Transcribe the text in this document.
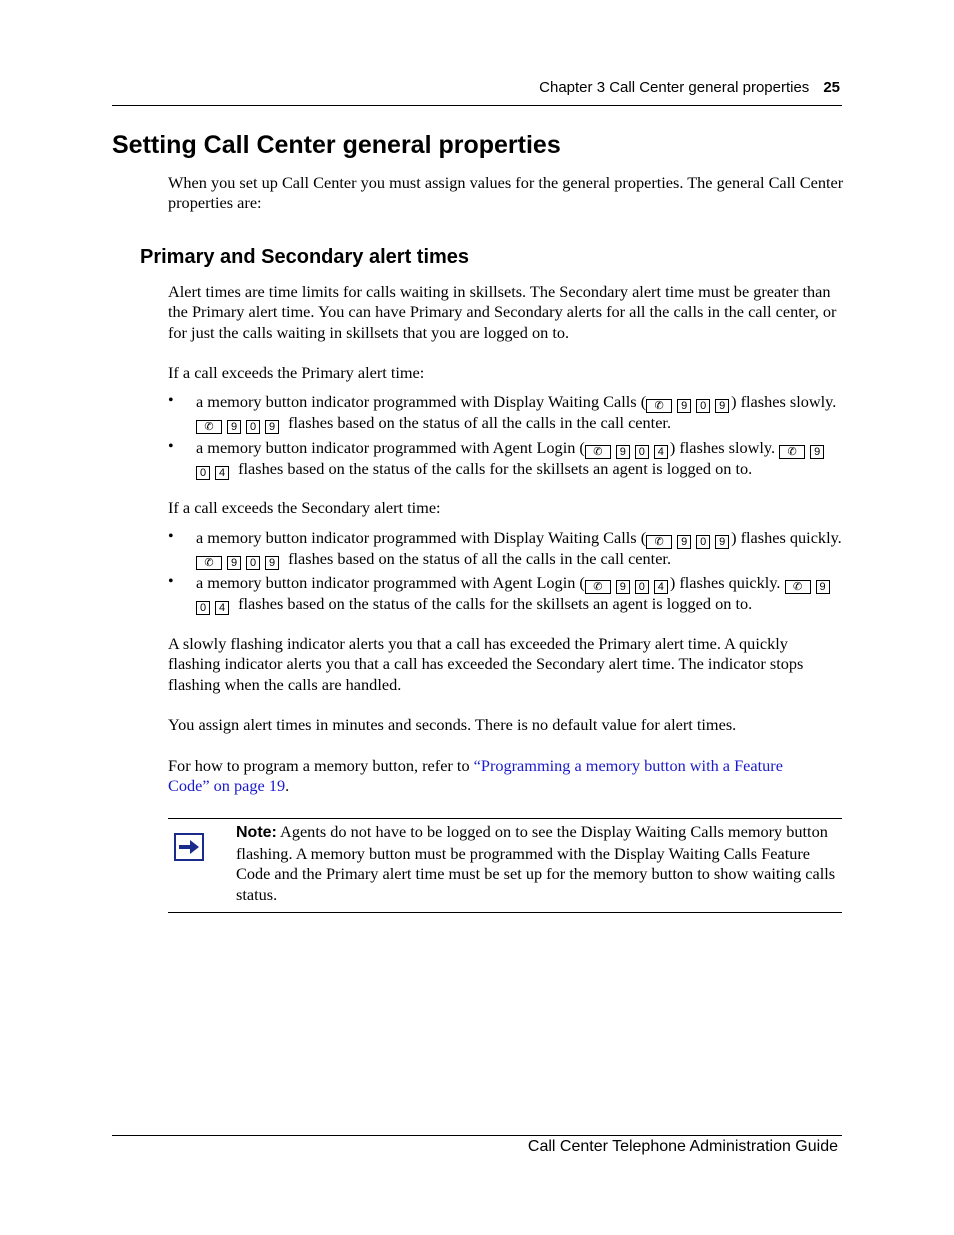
Chapter 3 Call Center general properties 25
Setting Call Center general properties

When you set up Call Center you must assign values for the general properties. The general Call Center properties are:

Primary and Secondary alert times

Alert times are time limits for calls waiting in skillsets. The Secondary alert time must be greater than the Primary alert time. You can have Primary and Secondary alerts for all the calls in the call center, or for just the calls waiting in skillsets that you are logged on to.

If a call exceeds the Primary alert time:

• a memory button indicator programmed with Display Waiting Calls ( ✆ 9 0 9 ) flashes slowly. ✆ 9 0 9 flashes based on the status of all the calls in the call center.
• a memory button indicator programmed with Agent Login ( ✆ 9 0 4 ) flashes slowly. ✆ 90 4 flashes based on the status of the calls for the skillsets an agent is logged on to.

If a call exceeds the Secondary alert time:

• a memory button indicator programmed with Display Waiting Calls ( ✆ 9 0 9 ) flashes quickly. ✆ 9 0 9 flashes based on the status of all the calls in the call center.
• a memory button indicator programmed with Agent Login ( ✆ 9 0 4 ) flashes quickly. ✆ 90 4 flashes based on the status of the calls for the skillsets an agent is logged on to.

A slowly flashing indicator alerts you that a call has exceeded the Primary alert time. A quickly flashing indicator alerts you that a call has exceeded the Secondary alert time. The indicator stops flashing when the calls are handled.

You assign alert times in minutes and seconds. There is no default value for alert times.

For how to program a memory button, refer to “Programming a memory button with a Feature Code” on page 19.

Note: Agents do not have to be logged on to see the Display Waiting Calls memory button flashing. A memory button must be programmed with the Display Waiting Calls Feature Code and the Primary alert time must be set up for the memory button to show waiting calls status.

Call Center Telephone Administration Guide
